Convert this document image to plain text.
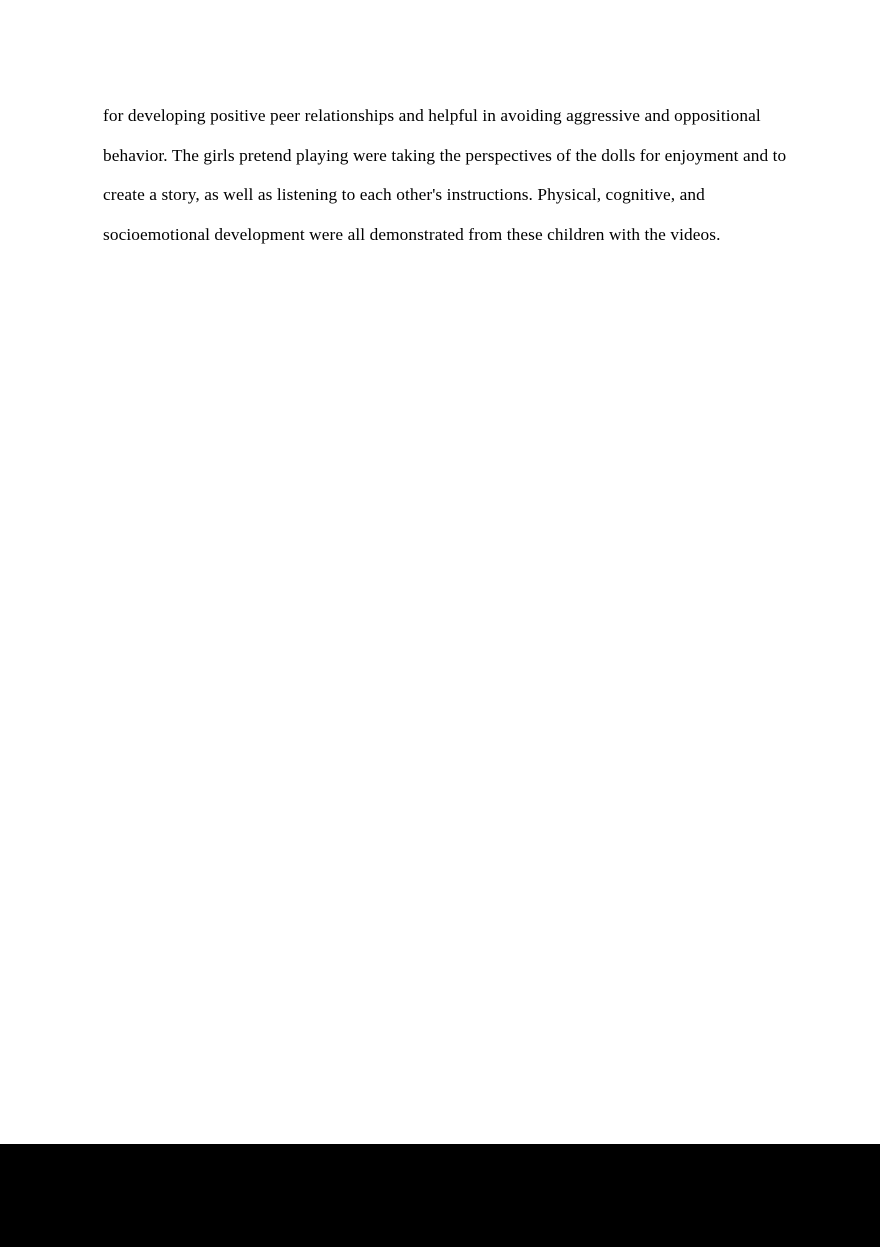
for developing positive peer relationships and helpful in avoiding aggressive and oppositional
behavior. The girls pretend playing were taking the perspectives of the dolls for enjoyment and to
create a story, as well as listening to each other's instructions. Physical, cognitive, and
socioemotional development were all demonstrated from these children with the videos.
